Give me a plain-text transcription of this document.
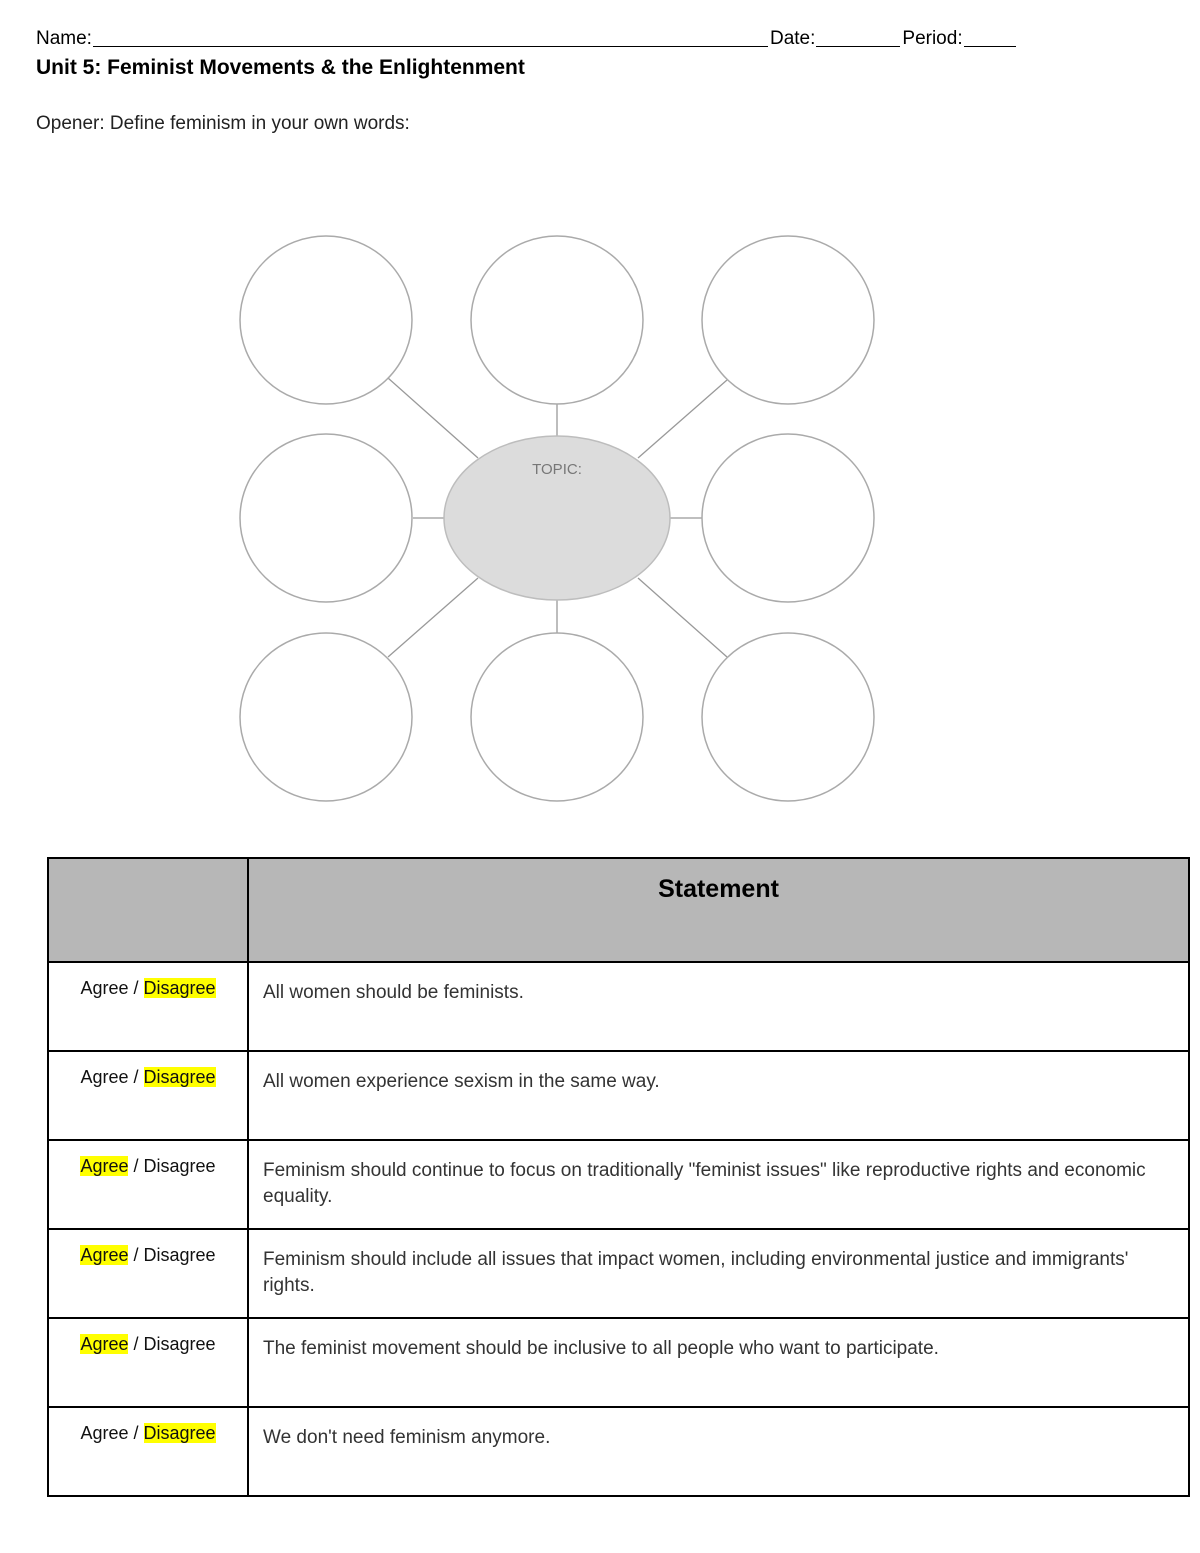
Name:	Date:	Period:
Unit 5: Feminist Movements & the Enlightenment
Opener: Define feminism in your own words:
TOPIC:
	Statement
Agree / Disagree	All women should be feminists.
Agree / Disagree	All women experience sexism in the same way.
Agree / Disagree	Feminism should continue to focus on traditionally "feminist issues" like reproductive rights and economic equality.
Agree / Disagree	Feminism should include all issues that impact women, including environmental justice and immigrants' rights.
Agree / Disagree	The feminist movement should be inclusive to all people who want to participate.
Agree / Disagree	We don't need feminism anymore.
